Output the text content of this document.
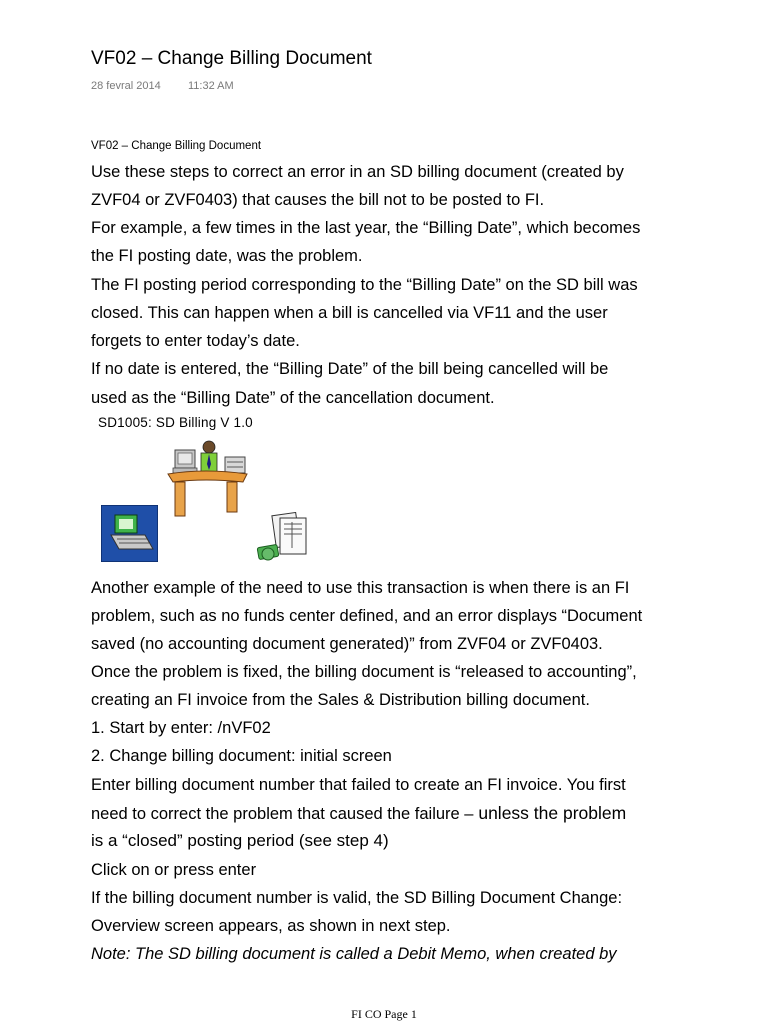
VF02 – Change Billing Document
28 fevral 2014 11:32 AM
VF02 – Change Billing Document
Use these steps to correct an error in an SD billing document (created by
ZVF04 or ZVF0403) that causes the bill not to be posted to FI.
For example, a few times in the last year, the “Billing Date”, which becomes
the FI posting date, was the problem.
The FI posting period corresponding to the “Billing Date” on the SD bill was
closed. This can happen when a bill is cancelled via VF11 and the user
forgets to enter today’s date.
If no date is entered, the “Billing Date” of the bill being cancelled will be
used as the “Billing Date” of the cancellation document.
SD1005: SD Billing V 1.0
Another example of the need to use this transaction is when there is an FI
problem, such as no funds center defined, and an error displays “Document
saved (no accounting document generated)” from ZVF04 or ZVF0403.
Once the problem is fixed, the billing document is “released to accounting”,
creating an FI invoice from the Sales & Distribution billing document.
1. Start by enter: /nVF02
2. Change billing document: initial screen
Enter billing document number that failed to create an FI invoice. You first
need to correct the problem that caused the failure – unless the problem
is a “closed” posting period (see step 4)
Click on or press enter
If the billing document number is valid, the SD Billing Document Change:
Overview screen appears, as shown in next step.
Note: The SD billing document is called a Debit Memo, when created by
FI CO Page 1
